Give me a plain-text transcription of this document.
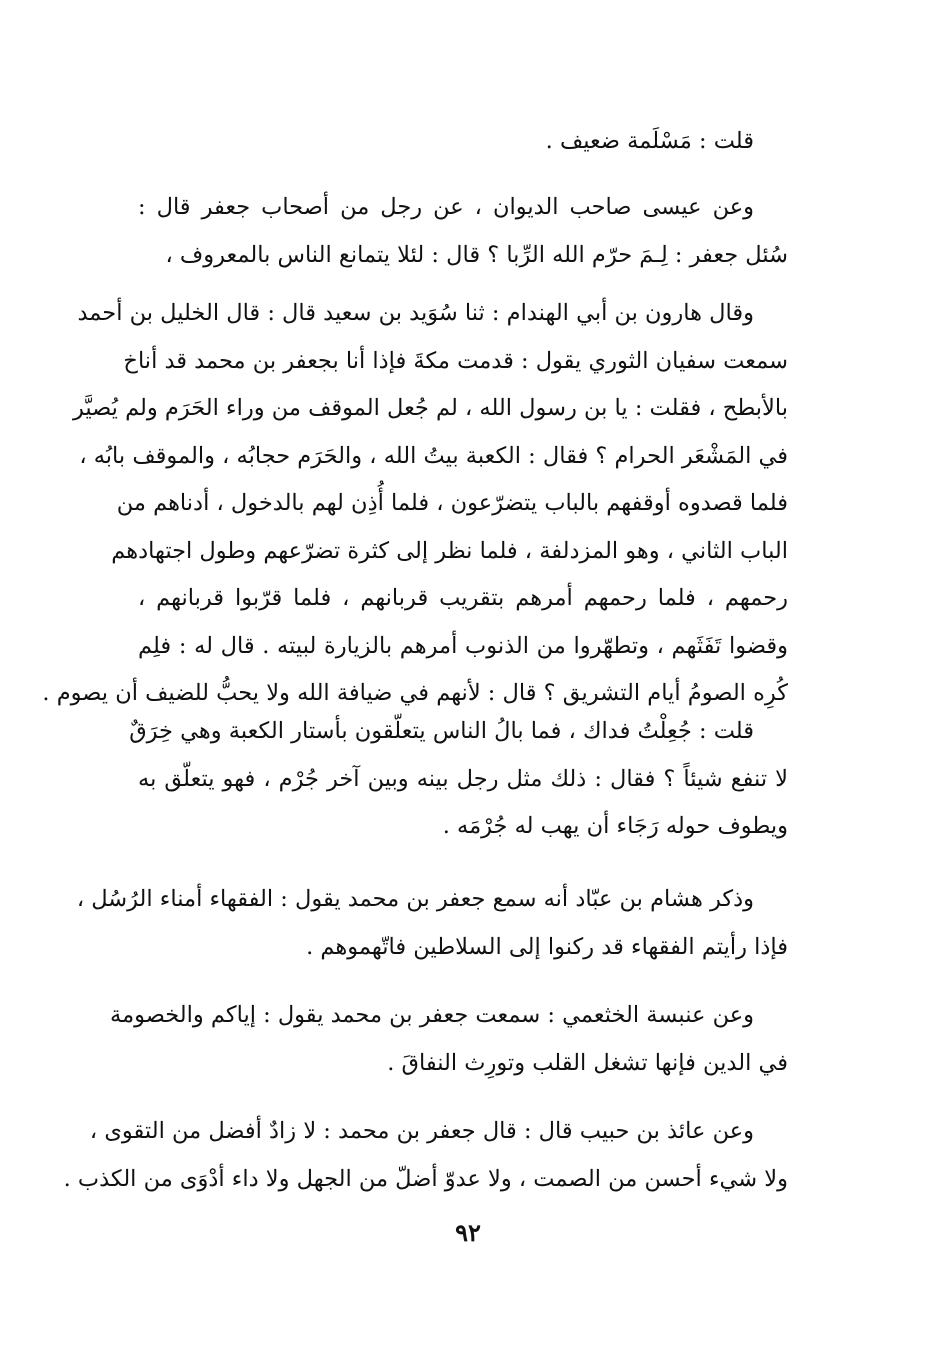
قلت : مَسْلَمة ضعيف .
وعن عيسى صاحب الديوان ، عن رجل من أصحاب جعفر قال :
سُئل جعفر : لِـمَ حرّم الله الرِّبا ؟ قال : لئلا يتمانع الناس بالمعروف ،
وقال هارون بن أبي الهندام : ثنا سُوَيد بن سعيد قال : قال الخليل بن أحمد
سمعت سفيان الثوري يقول : قدمت مكةَ فإذا أنا بجعفر بن محمد قد أناخ
بالأبطح ، فقلت : يا بن رسول الله ، لم جُعل الموقف من وراء الحَرَم ولم يُصيَّر
في المَشْعَر الحرام ؟ فقال : الكعبة بيتُ الله ، والحَرَم حجابُه ، والموقف بابُه ،
فلما قصدوه أوقفهم بالباب يتضرّعون ، فلما أُذِن لهم بالدخول ، أدناهم من
الباب الثاني ، وهو المزدلفة ، فلما نظر إلى كثرة تضرّعهم وطول اجتهادهم
رحمهم ، فلما رحمهم أمرهم بتقريب قربانهم ، فلما قرّبوا قربانهم ،
وقضوا تَفَثَهم ، وتطهّروا من الذنوب أمرهم بالزيارة لبيته . قال له : فلِم
كُرِه الصومُ أيام التشريق ؟ قال : لأنهم في ضيافة الله ولا يحبُّ للضيف أن يصوم .
قلت : جُعِلْتُ فداك ، فما بالُ الناس يتعلّقون بأستار الكعبة وهي خِرَقٌ
لا تنفع شيئاً ؟ فقال : ذلك مثل رجل بينه وبين آخر جُرْم ، فهو يتعلّق به
ويطوف حوله رَجَاء أن يهب له جُرْمَه .
وذكر هشام بن عبّاد أنه سمع جعفر بن محمد يقول : الفقهاء أمناء الرُسُل ،
فإذا رأيتم الفقهاء قد ركنوا إلى السلاطين فاتّهموهم .
وعن عنبسة الخثعمي : سمعت جعفر بن محمد يقول : إياكم والخصومة
في الدين فإنها تشغل القلب وتورِث النفاقَ .
وعن عائذ بن حبيب قال : قال جعفر بن محمد : لا زادٌ أفضل من التقوى ،
ولا شيء أحسن من الصمت ، ولا عدوّ أضلّ من الجهل ولا داء أدْوَى من الكذب .
٩٢
